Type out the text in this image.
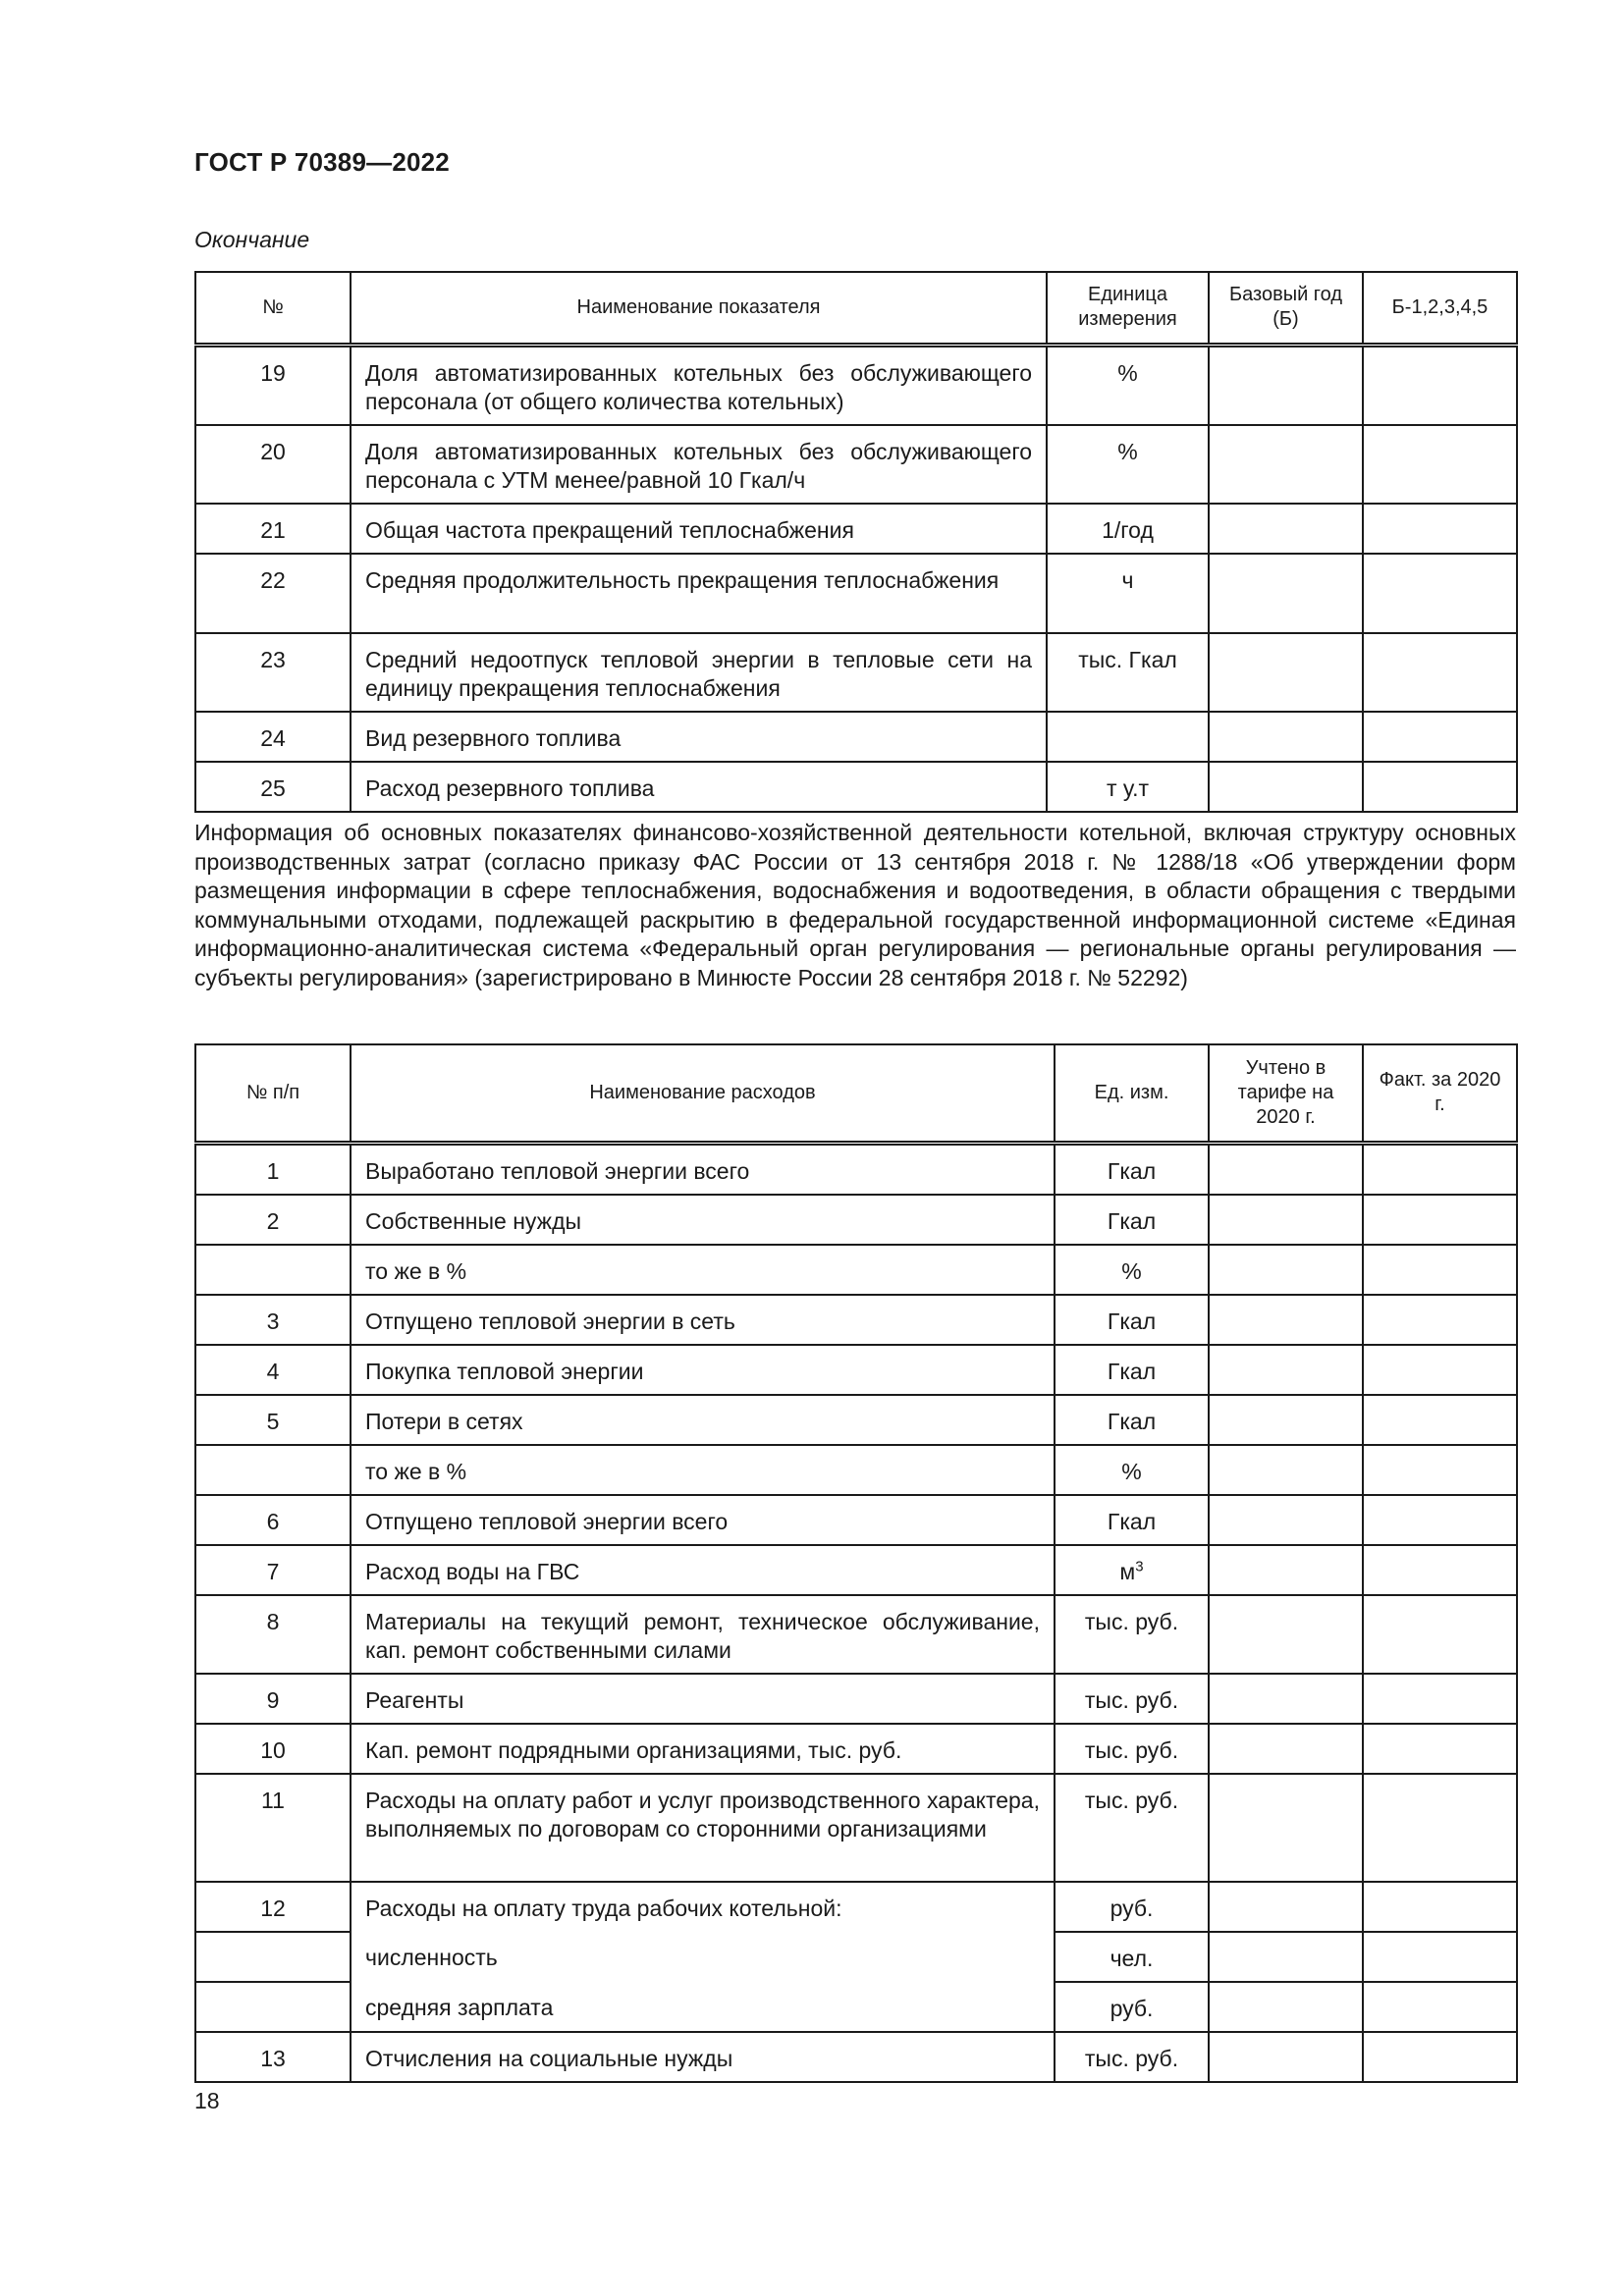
ГОСТ Р 70389—2022
Окончание
№	Наименование показателя	Единица измерения	Базовый год (Б)	Б-1,2,3,4,5
19	Доля автоматизированных котельных без обслуживающего персонала (от общего количества котельных)	%		
20	Доля автоматизированных котельных без обслуживающего персонала с УТМ менее/равной 10 Гкал/ч	%		
21	Общая частота прекращений теплоснабжения	1/год		
22	Средняя продолжительность прекращения теплоснабжения	ч		
23	Средний недоотпуск тепловой энергии в тепловые сети на единицу прекращения теплоснабжения	тыс. Гкал		
24	Вид резервного топлива			
25	Расход резервного топлива	т у.т		
Информация об основных показателях финансово-хозяйственной деятельности котельной, включая структуру основных производственных затрат (согласно приказу ФАС России от 13 сентября 2018 г. № 1288/18 «Об утверждении форм размещения информации в сфере теплоснабжения, водоснабжения и водоотведения, в области обращения с твердыми коммунальными отходами, подлежащей раскрытию в федеральной государственной информационной системе «Единая информационно-аналитическая система «Федеральный орган регулирования — региональные органы регулирования — субъекты регулирования» (зарегистрировано в Минюсте России 28 сентября 2018 г. № 52292)
№ п/п	Наименование расходов	Ед. изм.	Учтено в тарифе на 2020 г.	Факт. за 2020 г.
1	Выработано тепловой энергии всего	Гкал		
2	Собственные нужды	Гкал		
	то же в %	%		
3	Отпущено тепловой энергии в сеть	Гкал		
4	Покупка тепловой энергии	Гкал		
5	Потери в сетях	Гкал		
	то же в %	%		
6	Отпущено тепловой энергии всего	Гкал		
7	Расход воды на ГВС	$м^3$		
8	Материалы на текущий ремонт, техническое обслуживание, кап. ремонт собственными силами	тыс. руб.		
9	Реагенты	тыс. руб.		
10	Кап. ремонт подрядными организациями, тыс. руб.	тыс. руб.		
11	Расходы на оплату работ и услуг производственного характера, выполняемых по договорам со сторонними организациями	тыс. руб.		
12	Расходы на оплату труда рабочих котельной:	руб.		
	численность	чел.		
	средняя зарплата	руб.		
13	Отчисления на социальные нужды	тыс. руб.		
18
